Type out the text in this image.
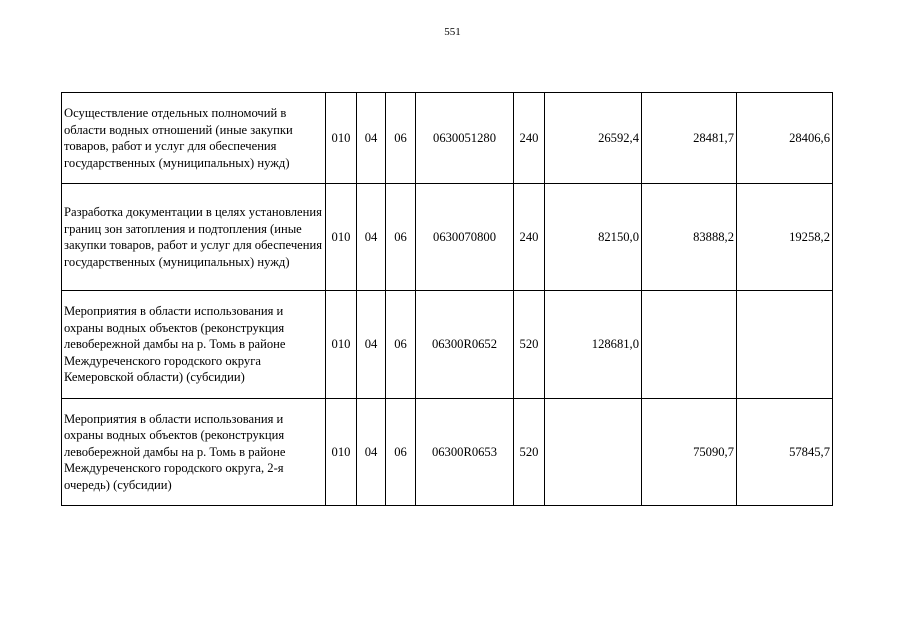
551
Осуществление отдельных полномочий в области водных отношений (иные закупки товаров, работ и услуг для обеспечения государственных (муниципальных) нужд)	010	04	06	0630051280	240	26592,4	28481,7	28406,6
Разработка документации в целях установления границ зон затопления и подтопления (иные закупки товаров, работ и услуг для обеспечения государственных (муниципальных) нужд)	010	04	06	0630070800	240	82150,0	83888,2	19258,2
Мероприятия в области использования и охраны водных объектов (реконструкция левобережной дамбы на р. Томь в районе Междуреченского городского округа Кемеровской области) (субсидии)	010	04	06	06300R0652	520	128681,0		
Мероприятия в области использования и охраны водных объектов (реконструкция левобережной дамбы на р. Томь в районе Междуреченского городского округа, 2-я очередь) (субсидии)	010	04	06	06300R0653	520		75090,7	57845,7
